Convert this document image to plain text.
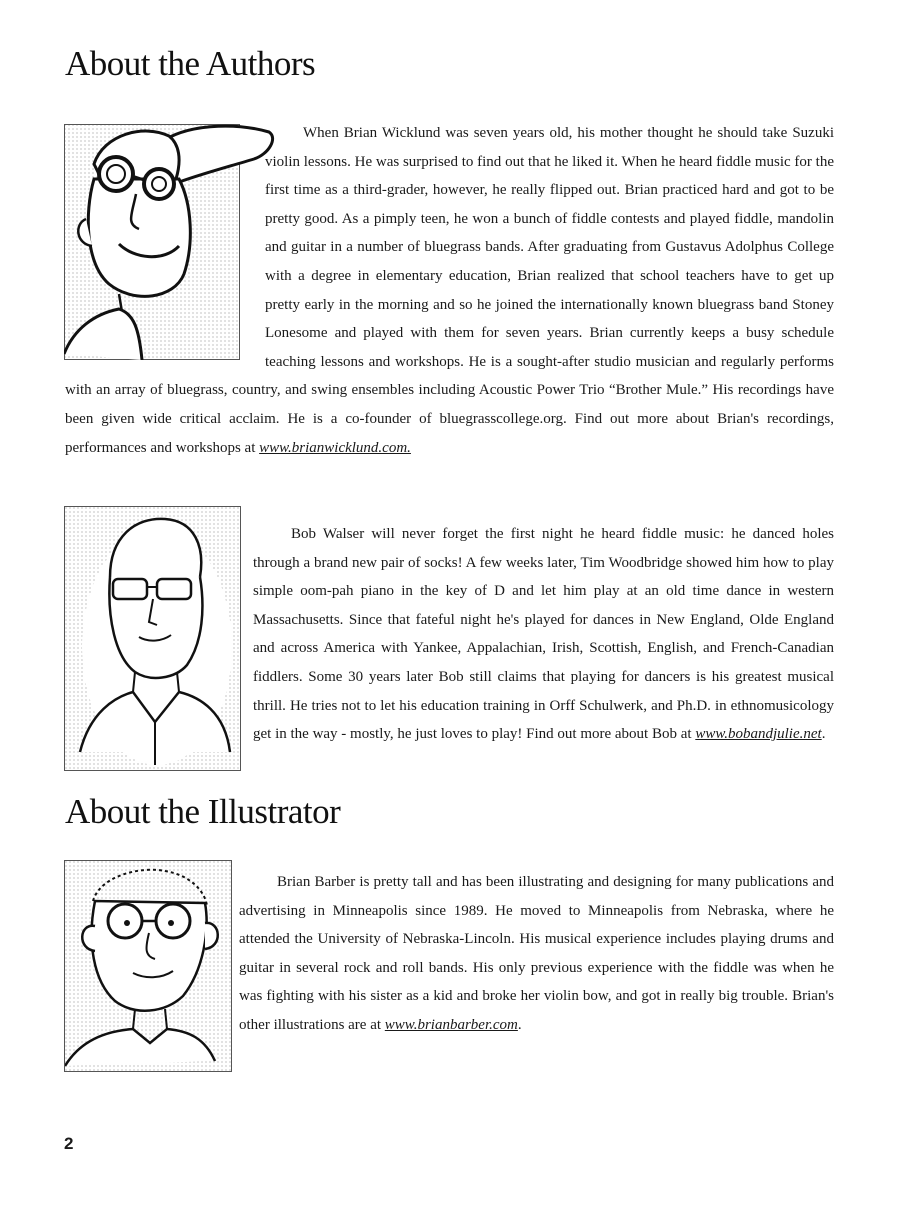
About the Authors

When Brian Wicklund was seven years old, his mother thought he should take Suzuki violin lessons. He was surprised to find out that he liked it. When he heard fiddle music for the first time as a third-grader, however, he really flipped out. Brian practiced hard and got to be pretty good. As a pimply teen, he won a bunch of fiddle contests and played fiddle, mandolin and guitar in a number of bluegrass bands. After graduating from Gustavus Adolphus College with a degree in elementary education, Brian realized that school teachers have to get up pretty early in the morning and so he joined the internationally known bluegrass band Stoney Lonesome and played with them for seven years. Brian currently keeps a busy schedule teaching lessons and workshops. He is a sought-after studio musician and regularly performs with an array of bluegrass, country, and swing ensembles including Acoustic Power Trio “Brother Mule.” His recordings have been given wide critical acclaim. He is a co-founder of bluegrasscollege.org. Find out more about Brian's recordings, performances and workshops at www.brianwicklund.com.

Bob Walser will never forget the first night he heard fiddle music: he danced holes through a brand new pair of socks! A few weeks later, Tim Woodbridge showed him how to play simple oom-pah piano in the key of D and let him play at an old time dance in western Massachusetts. Since that fateful night he's played for dances in New England, Olde England and across America with Yankee, Appalachian, Irish, Scottish, English, and French-Canadian fiddlers. Some 30 years later Bob still claims that playing for dancers is his greatest musical thrill. He tries not to let his education training in Orff Schulwerk, and Ph.D. in ethnomusicology get in the way - mostly, he just loves to play! Find out more about Bob at www.bobandjulie.net.

About the Illustrator

Brian Barber is pretty tall and has been illustrating and designing for many publications and advertising in Minneapolis since 1989. He moved to Minneapolis from Nebraska, where he attended the University of Nebraska-Lincoln. His musical experience includes playing drums and guitar in several rock and roll bands. His only previous experience with the fiddle was when he was fighting with his sister as a kid and broke her violin bow, and got in really big trouble. Brian's other illustrations are at www.brianbarber.com.

2
